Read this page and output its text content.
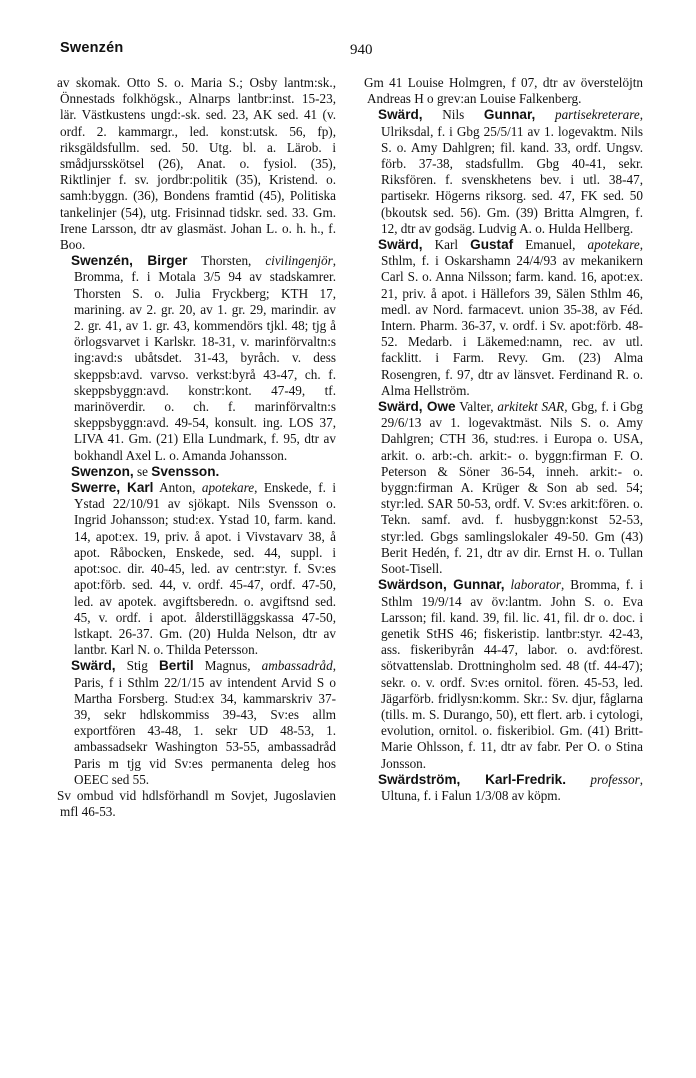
Swenzén	940

av skomak. Otto S. o. Maria S.; Osby lantm:sk., Önnestads folkhögsk., Alnarps lantbr:inst. 15-23, lär. Västkustens ungd:-sk. sed. 23, AK sed. 41 (v. ordf. 2. kammargr., led. konst:utsk. 56, fp), riksgäldsfullm. sed. 50. Utg. bl. a. Lärob. i smådjursskötsel (26), Anat. o. fysiol. (35), Riktlinjer f. sv. jordbr:politik (35), Kristend. o. samh:byggn. (36), Bondens framtid (45), Politiska tankelinjer (54), utg. Frisinnad tidskr. sed. 33. Gm. Irene Larsson, dtr av glasmäst. Johan L. o. h. h., f. Boo.

Swenzén, Birger Thorsten, civilingenjör, Bromma, f. i Motala 3/5 94 av stadskamrer. Thorsten S. o. Julia Fryckberg; KTH 17, marining. av 2. gr. 20, av 1. gr. 29, marindir. av 2. gr. 41, av 1. gr. 43, kommendörs tjkl. 48; tjg å örlogsvarvet i Karlskr. 18-31, v. marinförvaltn:s ing:avd:s ubåtsdet. 31-43, byråch. v. dess skeppsb:avd. varvso. verkst:byrå 43-47, ch. f. skeppsbyggn:avd. konstr:kont. 47-49, tf. marinöverdir. o. ch. f. marinförvaltn:s skeppsbyggn:avd. 49-54, konsult. ing. LOS 37, LIVA 41. Gm. (21) Ella Lundmark, f. 95, dtr av bokhandl Axel L. o. Amanda Johansson.

Swenzon, se Svensson.

Swerre, Karl Anton, apotekare, Enskede, f. i Ystad 22/10/91 av sjökapt. Nils Svensson o. Ingrid Johansson; stud:ex. Ystad 10, farm. kand. 14, apot:ex. 19, priv. å apot. i Vivstavarv 38, å apot. Råbocken, Enskede, sed. 44, suppl. i apot:soc. dir. 40-45, led. av centr:styr. f. Sv:es apot:förb. sed. 44, v. ordf. 45-47, ordf. 47-50, led. av apotek. avgiftsberedn. o. avgiftsnd sed. 45, v. ordf. i apot. ålderstilläggskassa 47-50, lstkapt. 26-37. Gm. (20) Hulda Nelson, dtr av lantbr. Karl N. o. Thilda Petersson.

Swärd, Stig Bertil Magnus, ambassadråd, Paris, f i Sthlm 22/1/15 av intendent Arvid S o Martha Forsberg. Stud:ex 34, kammarskriv 37-39, sekr hdlskommiss 39-43, Sv:es allm exportfören 43-48, 1. sekr UD 48-53, 1. ambassadsekr Washington 53-55, ambassadråd Paris m tjg vid Sv:es permanenta deleg hos OEEC sed 55.

Sv ombud vid hdlsförhandl m Sovjet, Jugoslavien mfl 46-53.

Gm 41 Louise Holmgren, f 07, dtr av överstelöjtn Andreas H o grev:an Louise Falkenberg.

Swärd, Nils Gunnar, partisekreterare, Ulriksdal, f. i Gbg 25/5/11 av 1. logevaktm. Nils S. o. Amy Dahlgren; fil. kand. 33, ordf. Ungsv. förb. 37-38, stadsfullm. Gbg 40-41, sekr. Riksfören. f. svenskhetens bev. i utl. 38-47, partisekr. Högerns riksorg. sed. 47, FK sed. 50 (bkoutsk sed. 56). Gm. (39) Britta Almgren, f. 12, dtr av godsäg. Ludvig A. o. Hulda Hellberg.

Swärd, Karl Gustaf Emanuel, apotekare, Sthlm, f. i Oskarshamn 24/4/93 av mekanikern Carl S. o. Anna Nilsson; farm. kand. 16, apot:ex. 21, priv. å apot. i Hällefors 39, Sälen Sthlm 46, medl. av Nord. farmacevt. union 35-38, av Féd. Intern. Pharm. 36-37, v. ordf. i Sv. apot:förb. 48-52. Medarb. i Läkemed:namn, rec. av utl. facklitt. i Farm. Revy. Gm. (23) Alma Rosengren, f. 97, dtr av länsvet. Ferdinand R. o. Alma Hellström.

Swärd, Owe Valter, arkitekt SAR, Gbg, f. i Gbg 29/6/13 av 1. logevaktmäst. Nils S. o. Amy Dahlgren; CTH 36, stud:res. i Europa o. USA, arkit. o. arb:-ch. arkit:- o. byggn:firman F. O. Peterson & Söner 36-54, inneh. arkit:- o. byggn:firman A. Krüger & Son ab sed. 54; styr:led. SAR 50-53, ordf. V. Sv:es arkit:fören. o. Tekn. samf. avd. f. husbyggn:konst 52-53, styr:led. Gbgs samlingslokaler 49-50. Gm (43) Berit Hedén, f. 21, dtr av dir. Ernst H. o. Tullan Soot-Tisell.

Swärdson, Gunnar, laborator, Bromma, f. i Sthlm 19/9/14 av öv:lantm. John S. o. Eva Larsson; fil. kand. 39, fil. lic. 41, fil. dr o. doc. i genetik StHS 46; fiskeristip. lantbr:styr. 42-43, ass. fiskeribyrån 44-47, labor. o. avd:förest. sötvattenslab. Drottningholm sed. 48 (tf. 44-47); sekr. o. v. ordf. Sv:es ornitol. fören. 45-53, led. Jägarförb. fridlysn:komm. Skr.: Sv. djur, fåglarna (tills. m. S. Durango, 50), ett flert. arb. i cytologi, evolution, ornitol. o. fiskeribiol. Gm. (41) Britt-Marie Ohlsson, f. 11, dtr av fabr. Per O. o Stina Jonsson.

Swärdström, Karl-Fredrik. professor, Ultuna, f. i Falun 1/3/08 av köpm.
